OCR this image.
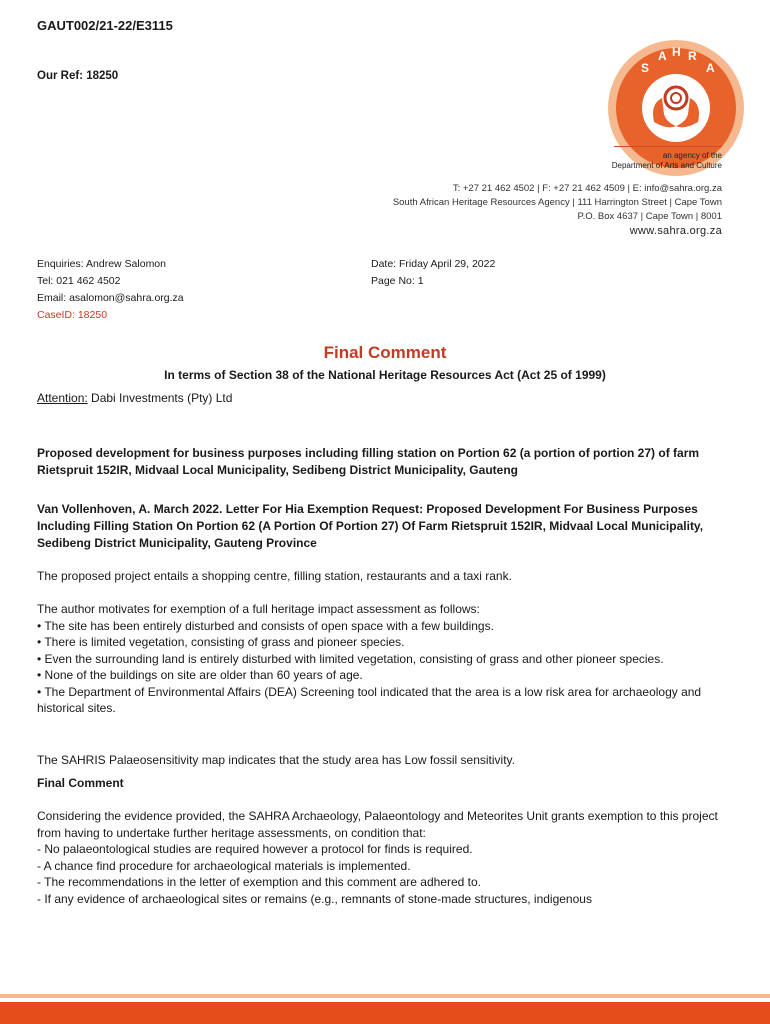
GAUT002/21-22/E3115
Our Ref: 18250
S
A H R
A
an agency of the
Department of Arts and Culture
T: +27 21 462 4502 | F: +27 21 462 4509 | E: info@sahra.org.za
South African Heritage Resources Agency | 111 Harrington Street | Cape Town
P.O. Box 4637 | Cape Town | 8001
www.sahra.org.za
Enquiries: Andrew Salomon
Tel: 021 462 4502
Email: asalomon@sahra.org.za
CaseID: 18250
Date: Friday April 29, 2022
Page No: 1
Final Comment
In terms of Section 38 of the National Heritage Resources Act (Act 25 of 1999)
Attention: Dabi Investments (Pty) Ltd
Proposed development for business purposes including filling station on Portion 62 (a portion of portion 27) of farm Rietspruit 152IR, Midvaal Local Municipality, Sedibeng District Municipality, Gauteng
Van Vollenhoven, A. March 2022. Letter For Hia Exemption Request: Proposed Development For Business Purposes Including Filling Station On Portion 62 (A Portion Of Portion 27) Of Farm Rietspruit 152IR, Midvaal Local Municipality, Sedibeng District Municipality, Gauteng Province
The proposed project entails a shopping centre, filling station, restaurants and a taxi rank.
The author motivates for exemption of a full heritage impact assessment as follows:
• The site has been entirely disturbed and consists of open space with a few buildings.
• There is limited vegetation, consisting of grass and pioneer species.
• Even the surrounding land is entirely disturbed with limited vegetation, consisting of grass and other pioneer species.
• None of the buildings on site are older than 60 years of age.
• The Department of Environmental Affairs (DEA) Screening tool indicated that the area is a low risk area for archaeology and historical sites.
The SAHRIS Palaeosensitivity map indicates that the study area has Low fossil sensitivity.
Final Comment
Considering the evidence provided, the SAHRA Archaeology, Palaeontology and Meteorites Unit grants exemption to this project from having to undertake further heritage assessments, on condition that:
- No palaeontological studies are required however a protocol for finds is required.
- A chance find procedure for archaeological materials is implemented.
- The recommendations in the letter of exemption and this comment are adhered to.
- If any evidence of archaeological sites or remains (e.g., remnants of stone-made structures, indigenous
